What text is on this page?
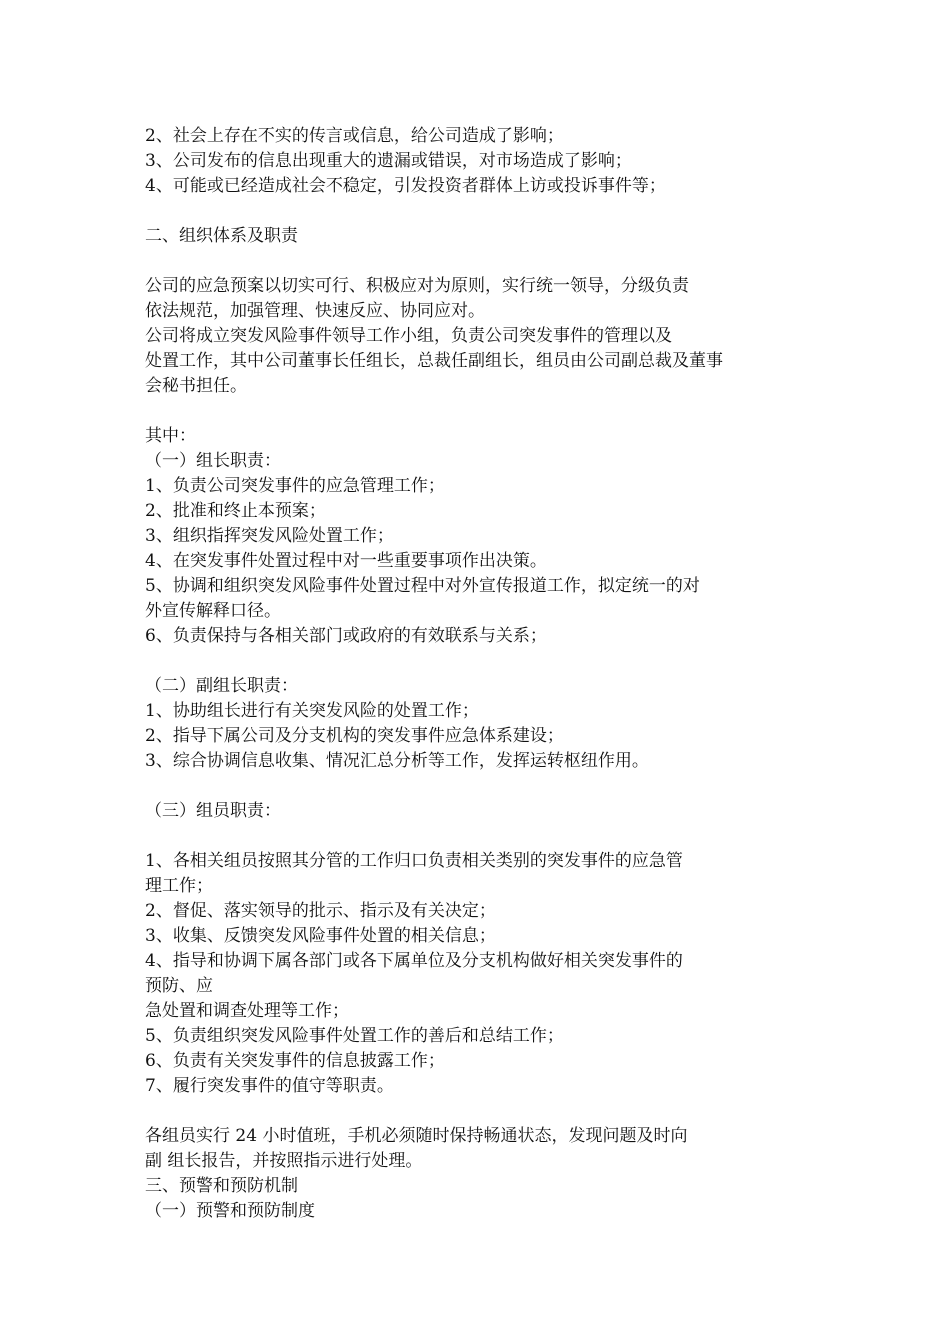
2、社会上存在不实的传言或信息，给公司造成了影响；
3、公司发布的信息出现重大的遗漏或错误，对市场造成了影响；
4、可能或已经造成社会不稳定，引发投资者群体上访或投诉事件等；
二、组织体系及职责
公司的应急预案以切实可行、积极应对为原则，实行统一领导，分级负责
依法规范，加强管理、快速反应、协同应对。
公司将成立突发风险事件领导工作小组，负责公司突发事件的管理以及
处置工作，其中公司董事长任组长，总裁任副组长，组员由公司副总裁及董事
会秘书担任。
其中：
（一）组长职责：
1、负责公司突发事件的应急管理工作；
2、批准和终止本预案；
3、组织指挥突发风险处置工作；
4、在突发事件处置过程中对一些重要事项作出决策。
5、协调和组织突发风险事件处置过程中对外宣传报道工作，拟定统一的对
外宣传解释口径。
6、负责保持与各相关部门或政府的有效联系与关系；
（二）副组长职责：
1、协助组长进行有关突发风险的处置工作；
2、指导下属公司及分支机构的突发事件应急体系建设；
3、综合协调信息收集、情况汇总分析等工作，发挥运转枢纽作用。
（三）组员职责：
1、各相关组员按照其分管的工作归口负责相关类别的突发事件的应急管
理工作；
2、督促、落实领导的批示、指示及有关决定；
3、收集、反馈突发风险事件处置的相关信息；
4、指导和协调下属各部门或各下属单位及分支机构做好相关突发事件的
预防、应
急处置和调查处理等工作；
5、负责组织突发风险事件处置工作的善后和总结工作；
6、负责有关突发事件的信息披露工作；
7、履行突发事件的值守等职责。
各组员实行 24 小时值班，手机必须随时保持畅通状态，发现问题及时向
副 组长报告，并按照指示进行处理。
三、预警和预防机制
（一）预警和预防制度
